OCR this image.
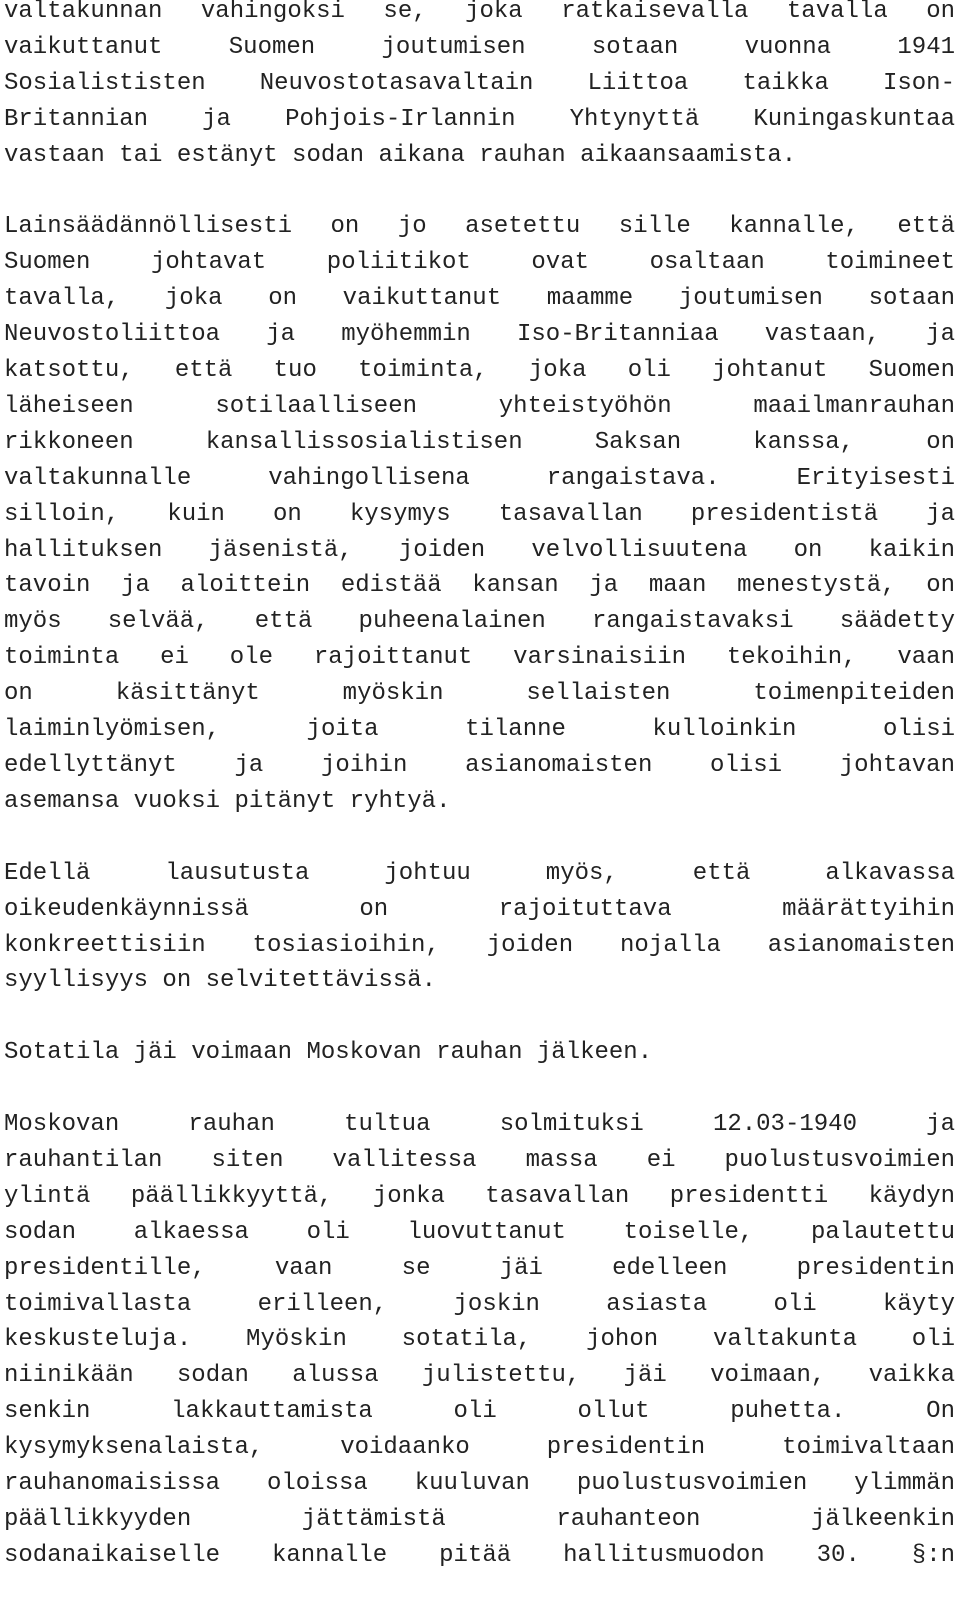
valtakunnan vahingoksi se, joka ratkaisevalla tavalla on
vaikuttanut Suomen joutumisen sotaan vuonna 1941
Sosialististen Neuvostotasavaltain Liittoa taikka Ison-
Britannian ja Pohjois-Irlannin Yhtynyttä Kuningaskuntaa
vastaan tai estänyt sodan aikana rauhan aikaansaamista.
Lainsäädännöllisesti on jo asetettu sille kannalle, että
Suomen johtavat poliitikot ovat osaltaan toimineet
tavalla, joka on vaikuttanut maamme joutumisen sotaan
Neuvostoliittoa ja myöhemmin Iso-Britanniaa vastaan, ja
katsottu, että tuo toiminta, joka oli johtanut Suomen
läheiseen sotilaalliseen yhteistyöhön maailmanrauhan
rikkoneen kansallissosialistisen Saksan kanssa, on
valtakunnalle vahingollisena rangaistava. Erityisesti
silloin, kuin on kysymys tasavallan presidentistä ja
hallituksen jäsenistä, joiden velvollisuutena on kaikin
tavoin ja aloittein edistää kansan ja maan menestystä, on
myös selvää, että puheenalainen rangaistavaksi säädetty
toiminta ei ole rajoittanut varsinaisiin tekoihin, vaan
on käsittänyt myöskin sellaisten toimenpiteiden
laiminlyömisen, joita tilanne kulloinkin olisi
edellyttänyt ja joihin asianomaisten olisi johtavan
asemansa vuoksi pitänyt ryhtyä.
Edellä lausutusta johtuu myös, että alkavassa
oikeudenkäynnissä on rajoituttava määrättyihin
konkreettisiin tosiasioihin, joiden nojalla asianomaisten
syyllisyys on selvitettävissä.
Sotatila jäi voimaan Moskovan rauhan jälkeen.
Moskovan rauhan tultua solmituksi 12.03-1940 ja
rauhantilan siten vallitessa massa ei puolustusvoimien
ylintä päällikkyyttä, jonka tasavallan presidentti käydyn
sodan alkaessa oli luovuttanut toiselle, palautettu
presidentille, vaan se jäi edelleen presidentin
toimivallasta erilleen, joskin asiasta oli käyty
keskusteluja. Myöskin sotatila, johon valtakunta oli
niinikään sodan alussa julistettu, jäi voimaan, vaikka
senkin lakkauttamista oli ollut puhetta. On
kysymyksenalaista, voidaanko presidentin toimivaltaan
rauhanomaisissa oloissa kuuluvan puolustusvoimien ylimmän
päällikkyyden jättämistä rauhanteon jälkeenkin
sodanaikaiselle kannalle pitää hallitusmuodon 30. §:n
